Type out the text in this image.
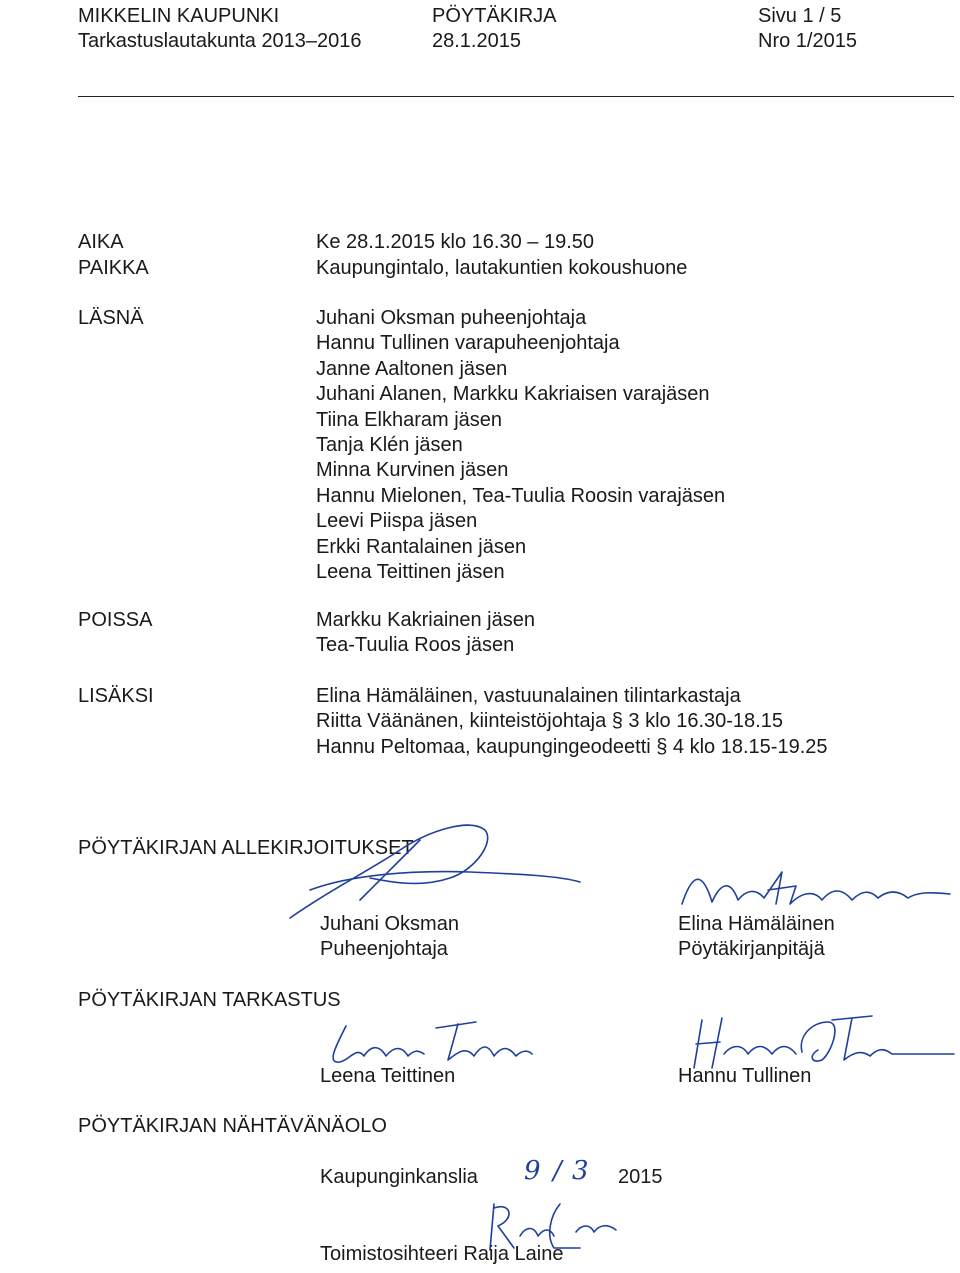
MIKKELIN KAUPUNKI
Tarkastuslautakunta 2013–2016
PÖYTÄKIRJA
28.1.2015
Sivu 1 / 5
Nro 1/2015
AIKA	Ke 28.1.2015 klo 16.30 – 19.50
PAIKKA	Kaupungintalo, lautakuntien kokoushuone
LÄSNÄ	Juhani Oksman puheenjohtaja
Hannu Tullinen varapuheenjohtaja
Janne Aaltonen jäsen
Juhani Alanen, Markku Kakriaisen varajäsen
Tiina Elkharam jäsen
Tanja Klén jäsen
Minna Kurvinen jäsen
Hannu Mielonen, Tea-Tuulia Roosin varajäsen
Leevi Piispa jäsen
Erkki Rantalainen jäsen
Leena Teittinen jäsen
POISSA	Markku Kakriainen jäsen
Tea-Tuulia Roos jäsen
LISÄKSI	Elina Hämäläinen, vastuunalainen tilintarkastaja
Riitta Väänänen, kiinteistöjohtaja § 3 klo 16.30-18.15
Hannu Peltomaa, kaupungingeodeetti § 4 klo 18.15-19.25
PÖYTÄKIRJAN ALLEKIRJOITUKSET
Juhani Oksman
Puheenjohtaja
Elina Hämäläinen
Pöytäkirjanpitäjä
PÖYTÄKIRJAN TARKASTUS
Leena Teittinen	Hannu Tullinen
PÖYTÄKIRJAN NÄHTÄVÄNÄOLO
Kaupunginkanslia 9 / 3 2015
Toimistosihteeri Raija Laine
